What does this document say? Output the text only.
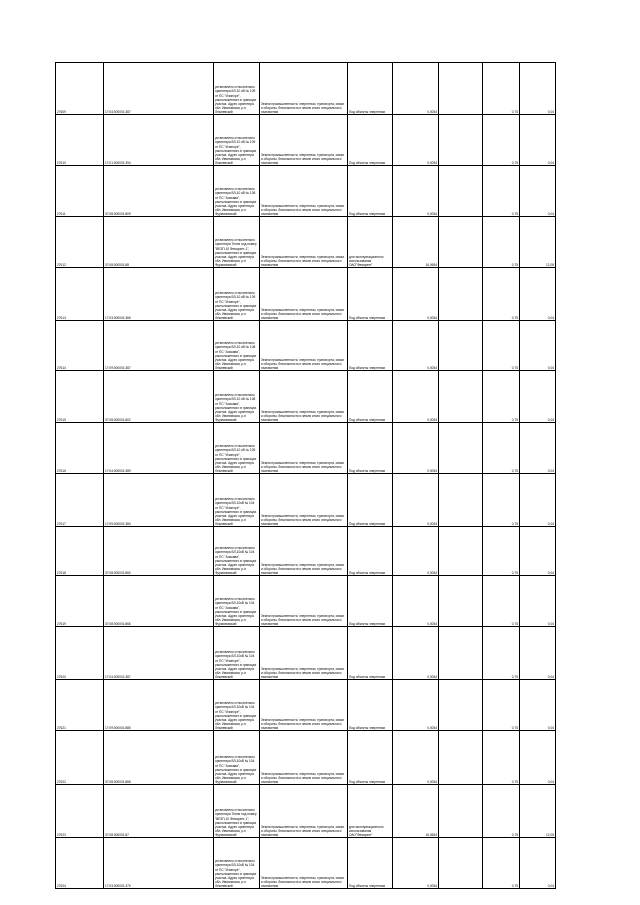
27609	17:04:000001:387	установлено относительно ориентира ВЛ-10 кВ № 109 от ПС "Ичиноре", расположенного в границах участка. Адрес ориентира обл. Ивановская, р-н Лежневский	Земли промышленности, энергетики, транспорта, связи и обороны, безопасности и земли иного специального назначения	Под объекты энергетики	0,0054		0,75	0,04

27610	17:01:000001:394	установлено относительно ориентира ВЛ-10 кВ № 109 от ПС "Ичиноре", расположенного в границах участка. Адрес ориентира обл. Ивановская, р-н Лежневский	Земли промышленности, энергетики, транспорта, связи и обороны, безопасности и земли иного специального назначения	Под объекты энергетики	0,0054		0,75	0,04

27611	37:08:000001:809	установлено относительно ориентира ВЛ-10 кВ № 108 от ПС "Ачикава", расположенного в границах участка. Адрес ориентира обл. Ивановская, р-н Фурмановский	Земли промышленности, энергетики, транспорта, связи и обороны, безопасности и земли иного специального назначения	Под объекты энергетики	0,0054		0,75	0,04

27612	37:08:000001:88	установлено относительно ориентира Техни под номер "ВЕЗП-10 Фемзрэет-1", расположенного в границах участка. Адрес ориентира обл. Ивановская, р-н Фурмановский	Земли промышленности, энергетики, транспорта, связи и обороны, безопасности и земли иного специального назначения	для эксплуатационного использования ОАО"Фемзрэет"	16,0654		0,75	12,05

27613	17:03:000001:366	установлено относительно ориентира ВЛ-10 кВ № 109 от ПС "Ичиноре", расположенного в границах участка. Адрес ориентира обл. Ивановская, р-н Лежневский	Земли промышленности, энергетики, транспорта, связи и обороны, безопасности и земли иного специального назначения	Под объекты энергетики	0,0054		0,75	0,04

27614	17:09:000001:387	установлено относительно ориентира ВЛ-10 кВ № 108 от ПС "Ачикава", расположенного в границах участка. Адрес ориентира обл. Ивановская, р-н Лежневский	Земли промышленности, энергетики, транспорта, связи и обороны, безопасности и земли иного специального назначения	Под объекты энергетики	0,0054		0,75	0,04

27615	37:08:000001:802	установлено относительно ориентира ВЛ-10 кВ № 108 от ПС "Ачикава", расположенного в границах участка. Адрес ориентира обл. Ивановская, р-н Фурмановский	Земли промышленности, энергетики, транспорта, связи и обороны, безопасности и земли иного специального назначения	Под объекты энергетики	0,0054		0,75	0,04

27616	17:04:000001:389	установлено относительно ориентира ВЛ-10 кВ № 109 от ПС "Ичиноре", расположенного в границах участка. Адрес ориентира обл. Ивановская, р-н Лежневский	Земли промышленности, энергетики, транспорта, связи и обороны, безопасности и земли иного специального назначения	Под объекты энергетики	0,0054		0,75	0,04

27617	17:09:000001:384	установлено относительно ориентира ВЛ-10кВ № 104 от ПС "Ичиноре", расположенного в границах участка. Адрес ориентира обл. Ивановская, р-н Лежневский	Земли промышленности, энергетики, транспорта, связи и обороны, безопасности и земли иного специального назначения	Под объекты энергетики	0,0054		0,75	0,04

27618	37:08:000001:860	установлено относительно ориентира ВЛ-10кВ № 104 от ПС "Ачикава", расположенного в границах участка. Адрес ориентира обл. Ивановская, р-н Фурмановский	Земли промышленности, энергетики, транспорта, связи и обороны, безопасности и земли иного специального назначения	Под объекты энергетики	0,0054		0,75	0,04

27619	37:08:000001:866	установлено относительно ориентира ВЛ-10кВ № 104 от ПС "Ачикава", расположенного в границах участка. Адрес ориентира обл. Ивановская, р-н Фурмановский	Земли промышленности, энергетики, транспорта, связи и обороны, безопасности и земли иного специального назначения	Под объекты энергетики	0,0054		0,75	0,04

27620	17:04:000001:387	установлено относительно ориентира ВЛ-10кВ № 104 от ПС "Ичиноре", расположенного в границах участка. Адрес ориентира обл. Ивановская, р-н Лежневский	Земли промышленности, энергетики, транспорта, связи и обороны, безопасности и земли иного специального назначения	Под объекты энергетики	0,0054		0,75	0,04

27621	17:09:000001:885	установлено относительно ориентира ВЛ-10кВ № 104 от ПС "Ичиноре", расположенного в границах участка. Адрес ориентира обл. Ивановская, р-н Лежневский	Земли промышленности, энергетики, транспорта, связи и обороны, безопасности и земли иного специального назначения	Под объекты энергетики	0,0054		0,75	0,04

27622	37:08:000001:868	установлено относительно ориентира ВЛ-10кВ № 104 от ПС "Ачикава", расположенного в границах участка. Адрес ориентира обл. Ивановская, р-н Фурмановский	Земли промышленности, энергетики, транспорта, связи и обороны, безопасности и земли иного специального назначения	Под объекты энергетики	0,0054		0,75	0,04

27623	37:08:000001:87	установлено относительно ориентира Техни под номер "ВЕЗП-10 Фемзрэет-1", расположенного в границах участка. Адрес ориентира обл. Ивановская, р-н Фурмановский	Земли промышленности, энергетики, транспорта, связи и обороны, безопасности и земли иного специального назначения	для эксплуатационного использования ОАО"Фемзрэет"	16,0654		0,75	12,05

27624	17:03:000001:370	установлено относительно ориентира ВЛ-10кВ № 104 от ПС "Ичиноре", расположенного в границах участка. Адрес ориентира обл. Ивановская, р-н Лежневский	Земли промышленности, энергетики, транспорта, связи и обороны, безопасности и земли иного специального назначения	Под объекты энергетики	0,0054		0,75	0,04
